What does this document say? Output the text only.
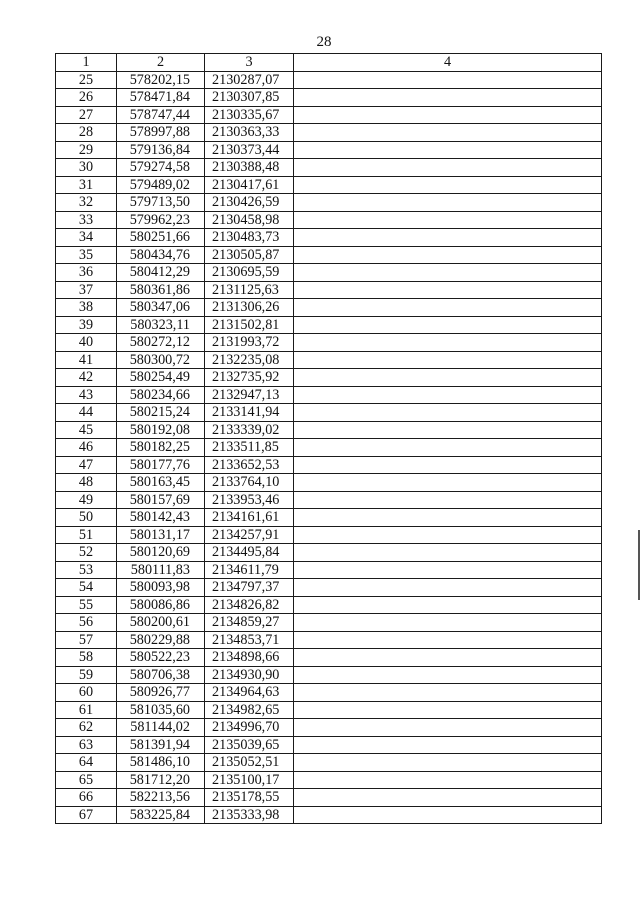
28
1	2	3	4
25	578202,15	2130287,07	
26	578471,84	2130307,85	
27	578747,44	2130335,67	
28	578997,88	2130363,33	
29	579136,84	2130373,44	
30	579274,58	2130388,48	
31	579489,02	2130417,61	
32	579713,50	2130426,59	
33	579962,23	2130458,98	
34	580251,66	2130483,73	
35	580434,76	2130505,87	
36	580412,29	2130695,59	
37	580361,86	2131125,63	
38	580347,06	2131306,26	
39	580323,11	2131502,81	
40	580272,12	2131993,72	
41	580300,72	2132235,08	
42	580254,49	2132735,92	
43	580234,66	2132947,13	
44	580215,24	2133141,94	
45	580192,08	2133339,02	
46	580182,25	2133511,85	
47	580177,76	2133652,53	
48	580163,45	2133764,10	
49	580157,69	2133953,46	
50	580142,43	2134161,61	
51	580131,17	2134257,91	
52	580120,69	2134495,84	
53	580111,83	2134611,79	
54	580093,98	2134797,37	
55	580086,86	2134826,82	
56	580200,61	2134859,27	
57	580229,88	2134853,71	
58	580522,23	2134898,66	
59	580706,38	2134930,90	
60	580926,77	2134964,63	
61	581035,60	2134982,65	
62	581144,02	2134996,70	
63	581391,94	2135039,65	
64	581486,10	2135052,51	
65	581712,20	2135100,17	
66	582213,56	2135178,55	
67	583225,84	2135333,98	
